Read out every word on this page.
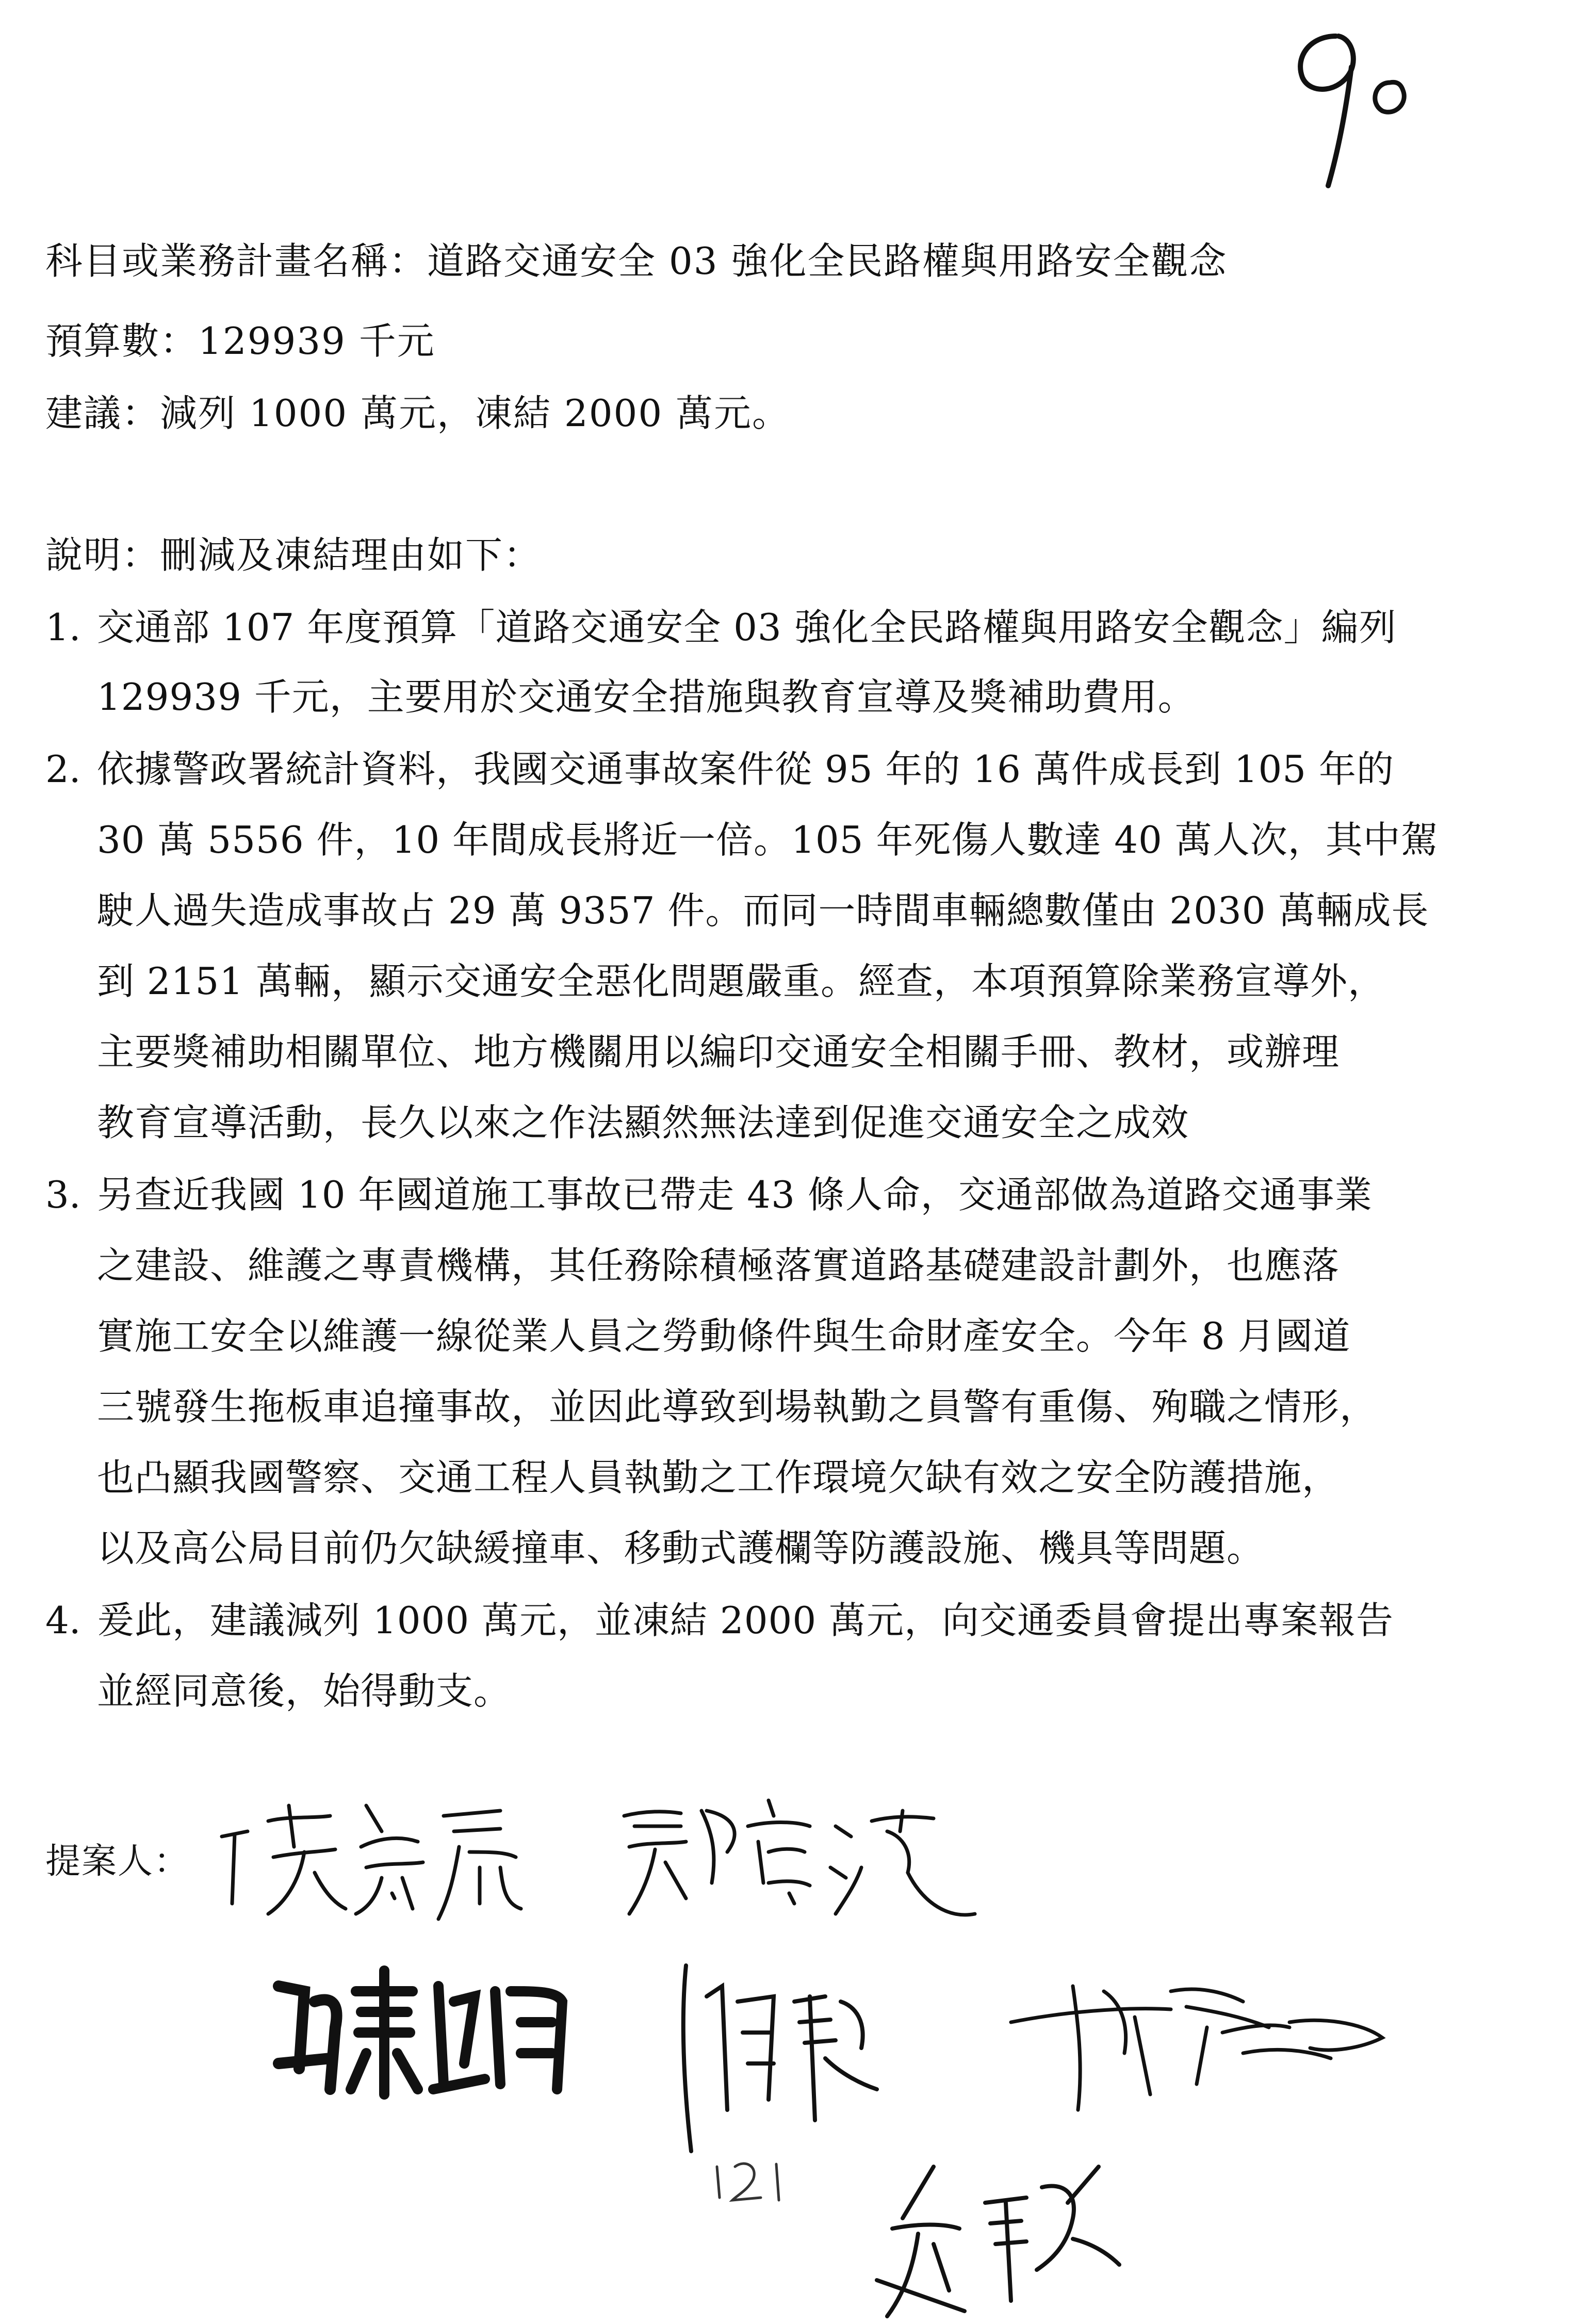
科目或業務計畫名稱：道路交通安全 03 強化全民路權與用路安全觀念
預算數：129939 千元
建議：減列 1000 萬元，凍結 2000 萬元。
說明：刪減及凍結理由如下：
1. 交通部 107 年度預算「道路交通安全 03 強化全民路權與用路安全觀念」編列
129939 千元，主要用於交通安全措施與教育宣導及獎補助費用。
2. 依據警政署統計資料，我國交通事故案件從 95 年的 16 萬件成長到 105 年的
30 萬 5556 件，10 年間成長將近一倍。105 年死傷人數達 40 萬人次，其中駕
駛人過失造成事故占 29 萬 9357 件。而同一時間車輛總數僅由 2030 萬輛成長
到 2151 萬輛，顯示交通安全惡化問題嚴重。經查，本項預算除業務宣導外，
主要獎補助相關單位、地方機關用以編印交通安全相關手冊、教材，或辦理
教育宣導活動，長久以來之作法顯然無法達到促進交通安全之成效
3. 另查近我國 10 年國道施工事故已帶走 43 條人命，交通部做為道路交通事業
之建設、維護之專責機構，其任務除積極落實道路基礎建設計劃外，也應落
實施工安全以維護一線從業人員之勞動條件與生命財產安全。今年 8 月國道
三號發生拖板車追撞事故，並因此導致到場執勤之員警有重傷、殉職之情形，
也凸顯我國警察、交通工程人員執勤之工作環境欠缺有效之安全防護措施，
以及高公局目前仍欠缺緩撞車、移動式護欄等防護設施、機具等問題。
4. 爰此，建議減列 1000 萬元，並凍結 2000 萬元，向交通委員會提出專案報告
並經同意後，始得動支。
提案人：
